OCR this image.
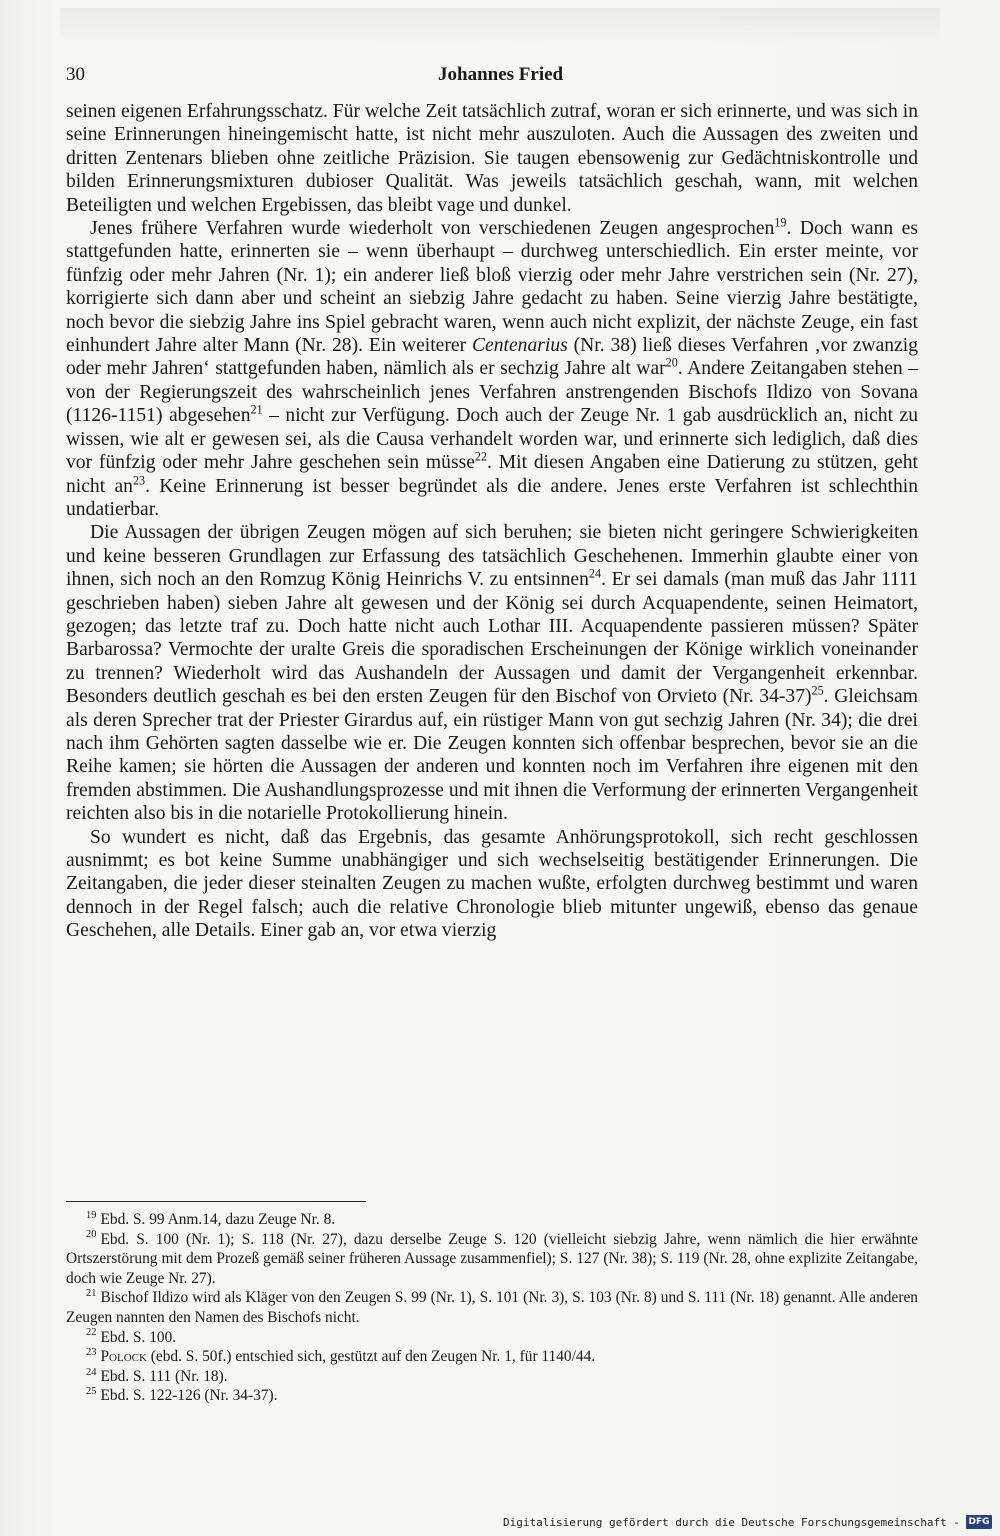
30	Johannes Fried

seinen eigenen Erfahrungsschatz. Für welche Zeit tatsächlich zutraf, woran er sich erinnerte, und was sich in seine Erinnerungen hineingemischt hatte, ist nicht mehr auszuloten. Auch die Aussagen des zweiten und dritten Zentenars blieben ohne zeitliche Präzision. Sie taugen ebensowenig zur Gedächtniskontrolle und bilden Erinnerungsmixturen dubioser Qualität. Was jeweils tatsächlich geschah, wann, mit welchen Beteiligten und welchen Ergebissen, das bleibt vage und dunkel.

Jenes frühere Verfahren wurde wiederholt von verschiedenen Zeugen angesprochen$^{19}$. Doch wann es stattgefunden hatte, erinnerten sie – wenn überhaupt – durchweg unterschiedlich. Ein erster meinte, vor fünfzig oder mehr Jahren (Nr. 1); ein anderer ließ bloß vierzig oder mehr Jahre verstrichen sein (Nr. 27), korrigierte sich dann aber und scheint an siebzig Jahre gedacht zu haben. Seine vierzig Jahre bestätigte, noch bevor die siebzig Jahre ins Spiel gebracht waren, wenn auch nicht explizit, der nächste Zeuge, ein fast einhundert Jahre alter Mann (Nr. 28). Ein weiterer Centenarius (Nr. 38) ließ dieses Verfahren ‚vor zwanzig oder mehr Jahren‘ stattgefunden haben, nämlich als er sechzig Jahre alt war$^{20}$. Andere Zeitangaben stehen – von der Regierungszeit des wahrscheinlich jenes Verfahren anstrengenden Bischofs Ildizo von Sovana (1126-1151) abgesehen$^{21}$ – nicht zur Verfügung. Doch auch der Zeuge Nr. 1 gab ausdrücklich an, nicht zu wissen, wie alt er gewesen sei, als die Causa verhandelt worden war, und erinnerte sich lediglich, daß dies vor fünfzig oder mehr Jahre geschehen sein müsse$^{22}$. Mit diesen Angaben eine Datierung zu stützen, geht nicht $an^{23}$. Keine Erinnerung ist besser begründet als die andere. Jenes erste Verfahren ist schlechthin undatierbar.

Die Aussagen der übrigen Zeugen mögen auf sich beruhen; sie bieten nicht geringere Schwierigkeiten und keine besseren Grundlagen zur Erfassung des tatsächlich Geschehenen. Immerhin glaubte einer von ihnen, sich noch an den Romzug König Heinrichs V. zu entsinnen$^{24}$. Er sei damals (man muß das Jahr 1111 geschrieben haben) sieben Jahre alt gewesen und der König sei durch Acquapendente, seinen Heimatort, gezogen; das letzte traf zu. Doch hatte nicht auch Lothar III. Acquapendente passieren müssen? Später Barbarossa? Vermochte der uralte Greis die sporadischen Erscheinungen der Könige wirklich voneinander zu trennen? Wiederholt wird das Aushandeln der Aussagen und damit der Vergangenheit erkennbar. Besonders deutlich geschah es bei den ersten Zeugen für den Bischof von Orvieto (Nr. 34-37)$^{25}$. Gleichsam als deren Sprecher trat der Priester Girardus auf, ein rüstiger Mann von gut sechzig Jahren (Nr. 34); die drei nach ihm Gehörten sagten dasselbe wie er. Die Zeugen konnten sich offenbar besprechen, bevor sie an die Reihe kamen; sie hörten die Aussagen der anderen und konnten noch im Verfahren ihre eigenen mit den fremden abstimmen. Die Aushandlungsprozesse und mit ihnen die Verformung der erinnerten Vergangenheit reichten also bis in die notarielle Protokollierung hinein.

So wundert es nicht, daß das Ergebnis, das gesamte Anhörungsprotokoll, sich recht geschlossen ausnimmt; es bot keine Summe unabhängiger und sich wechselseitig bestätigender Erinnerungen. Die Zeitangaben, die jeder dieser steinalten Zeugen zu machen wußte, erfolgten durchweg bestimmt und waren dennoch in der Regel falsch; auch die relative Chronologie blieb mitunter ungewiß, ebenso das genaue Geschehen, alle Details. Einer gab an, vor etwa vierzig

$^{19}$ Ebd. S. 99 Anm.14, dazu Zeuge Nr. 8.

$^{20}$ Ebd. S. 100 (Nr. 1); S. 118 (Nr. 27), dazu derselbe Zeuge S. 120 (vielleicht siebzig Jahre, wenn nämlich die hier erwähnte Ortszerstörung mit dem Prozeß gemäß seiner früheren Aussage zusammenfiel); S. 127 (Nr. 38); S. 119 (Nr. 28, ohne explizite Zeitangabe, doch wie Zeuge Nr. 27).

$^{21}$ Bischof Ildizo wird als Kläger von den Zeugen S. 99 (Nr. 1), S. 101 (Nr. 3), S. 103 (Nr. 8) und S. 111 (Nr. 18) genannt. Alle anderen Zeugen nannten den Namen des Bischofs nicht.

$^{22}$ Ebd. S. 100.

$^{23}$ Polock (ebd. S. 50f.) entschied sich, gestützt auf den Zeugen Nr. 1, für 1140/44.

$^{24}$ Ebd. S. 111 (Nr. 18).

$^{25}$ Ebd. S. 122-126 (Nr. 34-37).

Digitalisierung gefördert durch die Deutsche Forschungsgemeinschaft - DFG
